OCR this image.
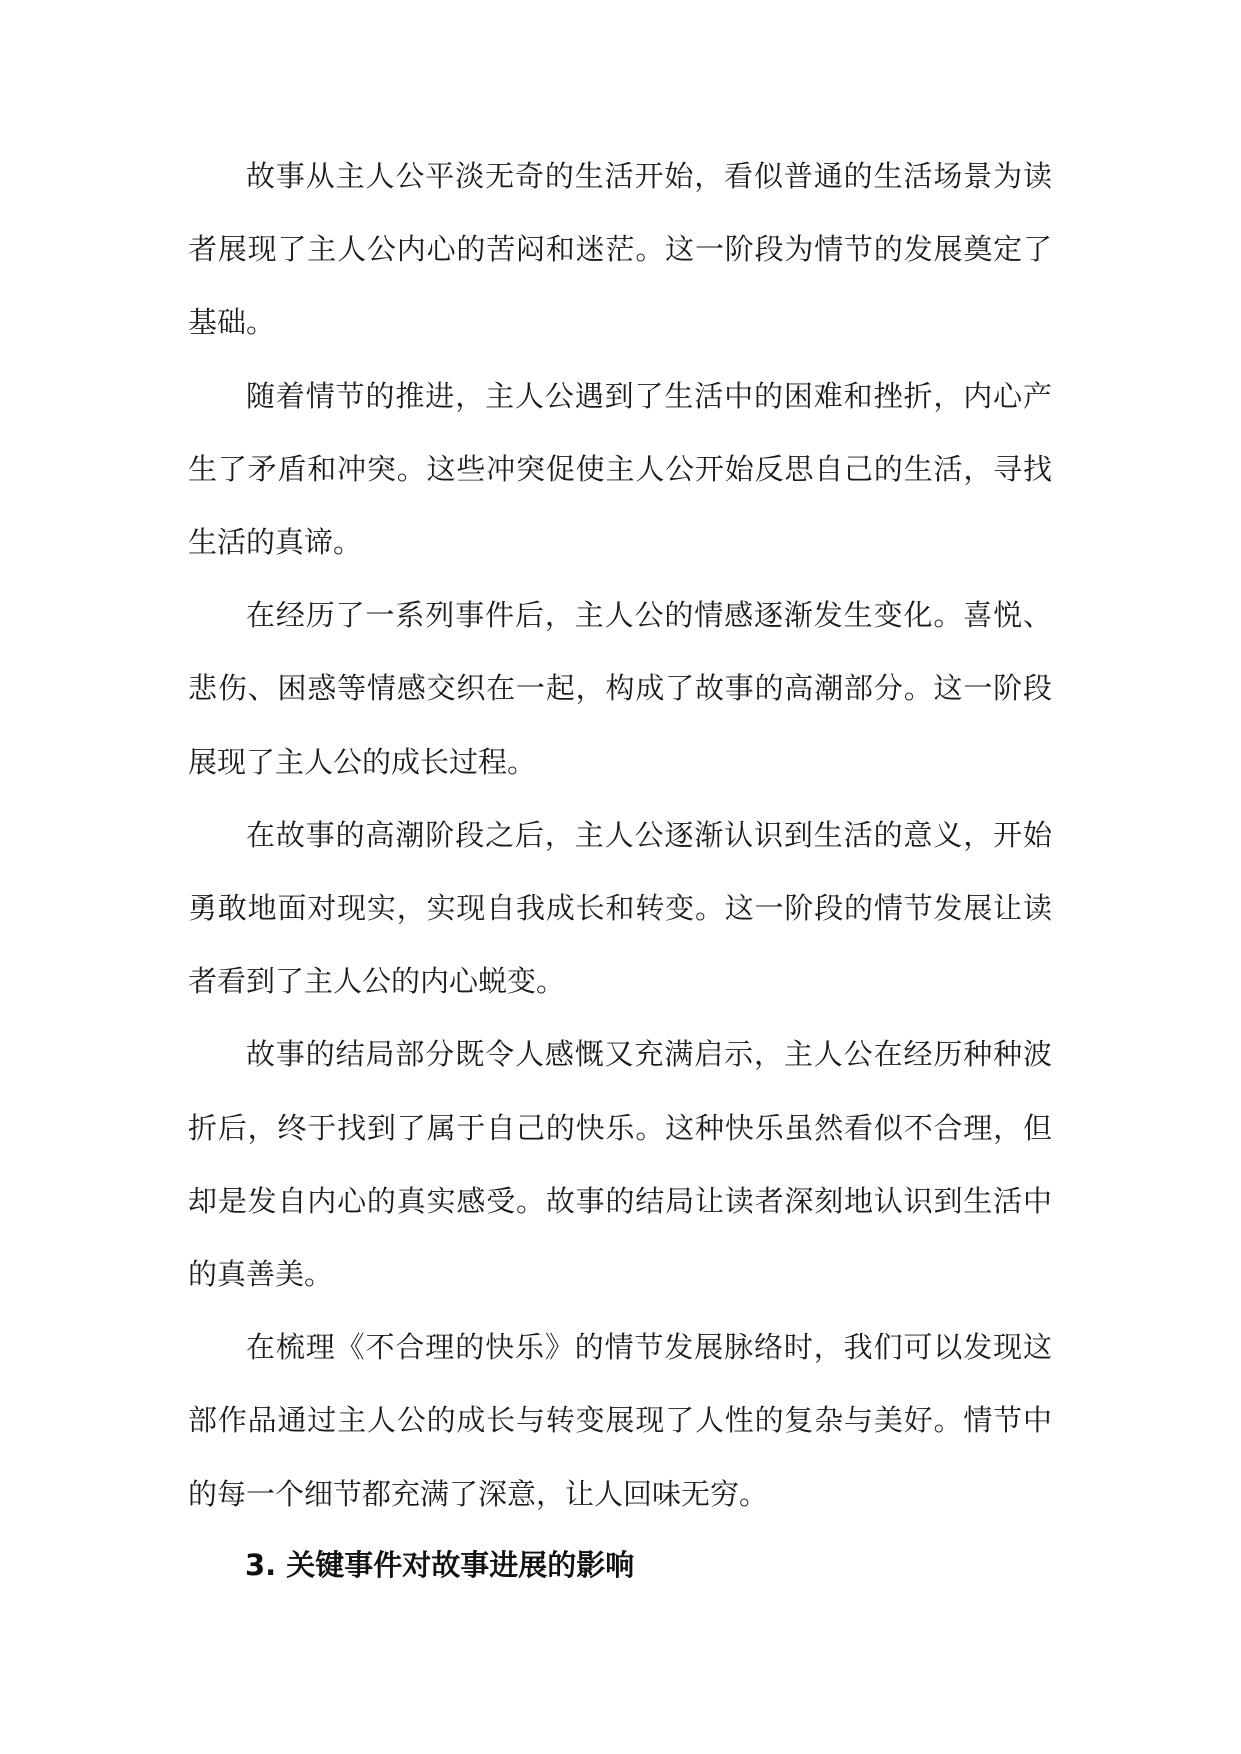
故事从主人公平淡无奇的生活开始，看似普通的生活场景为读者展现了主人公内心的苦闷和迷茫。这一阶段为情节的发展奠定了基础。

随着情节的推进，主人公遇到了生活中的困难和挫折，内心产生了矛盾和冲突。这些冲突促使主人公开始反思自己的生活，寻找生活的真谛。

在经历了一系列事件后，主人公的情感逐渐发生变化。喜悦、悲伤、困惑等情感交织在一起，构成了故事的高潮部分。这一阶段展现了主人公的成长过程。

在故事的高潮阶段之后，主人公逐渐认识到生活的意义，开始勇敢地面对现实，实现自我成长和转变。这一阶段的情节发展让读者看到了主人公的内心蜕变。

故事的结局部分既令人感慨又充满启示，主人公在经历种种波折后，终于找到了属于自己的快乐。这种快乐虽然看似不合理，但却是发自内心的真实感受。故事的结局让读者深刻地认识到生活中的真善美。

在梳理《不合理的快乐》的情节发展脉络时，我们可以发现这部作品通过主人公的成长与转变展现了人性的复杂与美好。情节中的每一个细节都充满了深意，让人回味无穷。

3. 关键事件对故事进展的影响
